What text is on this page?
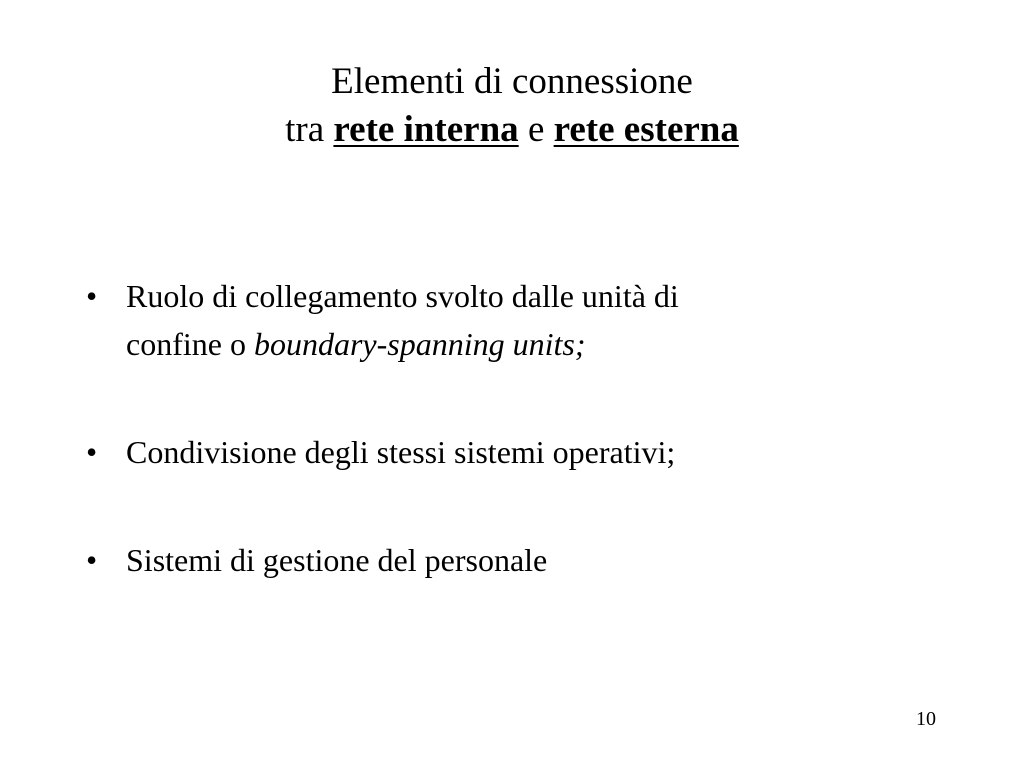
Elementi di connessione
tra rete interna e rete esterna
• Ruolo di collegamento svolto dalle unità di
confine o boundary-spanning units;
• Condivisione degli stessi sistemi operativi;
• Sistemi di gestione del personale
10
